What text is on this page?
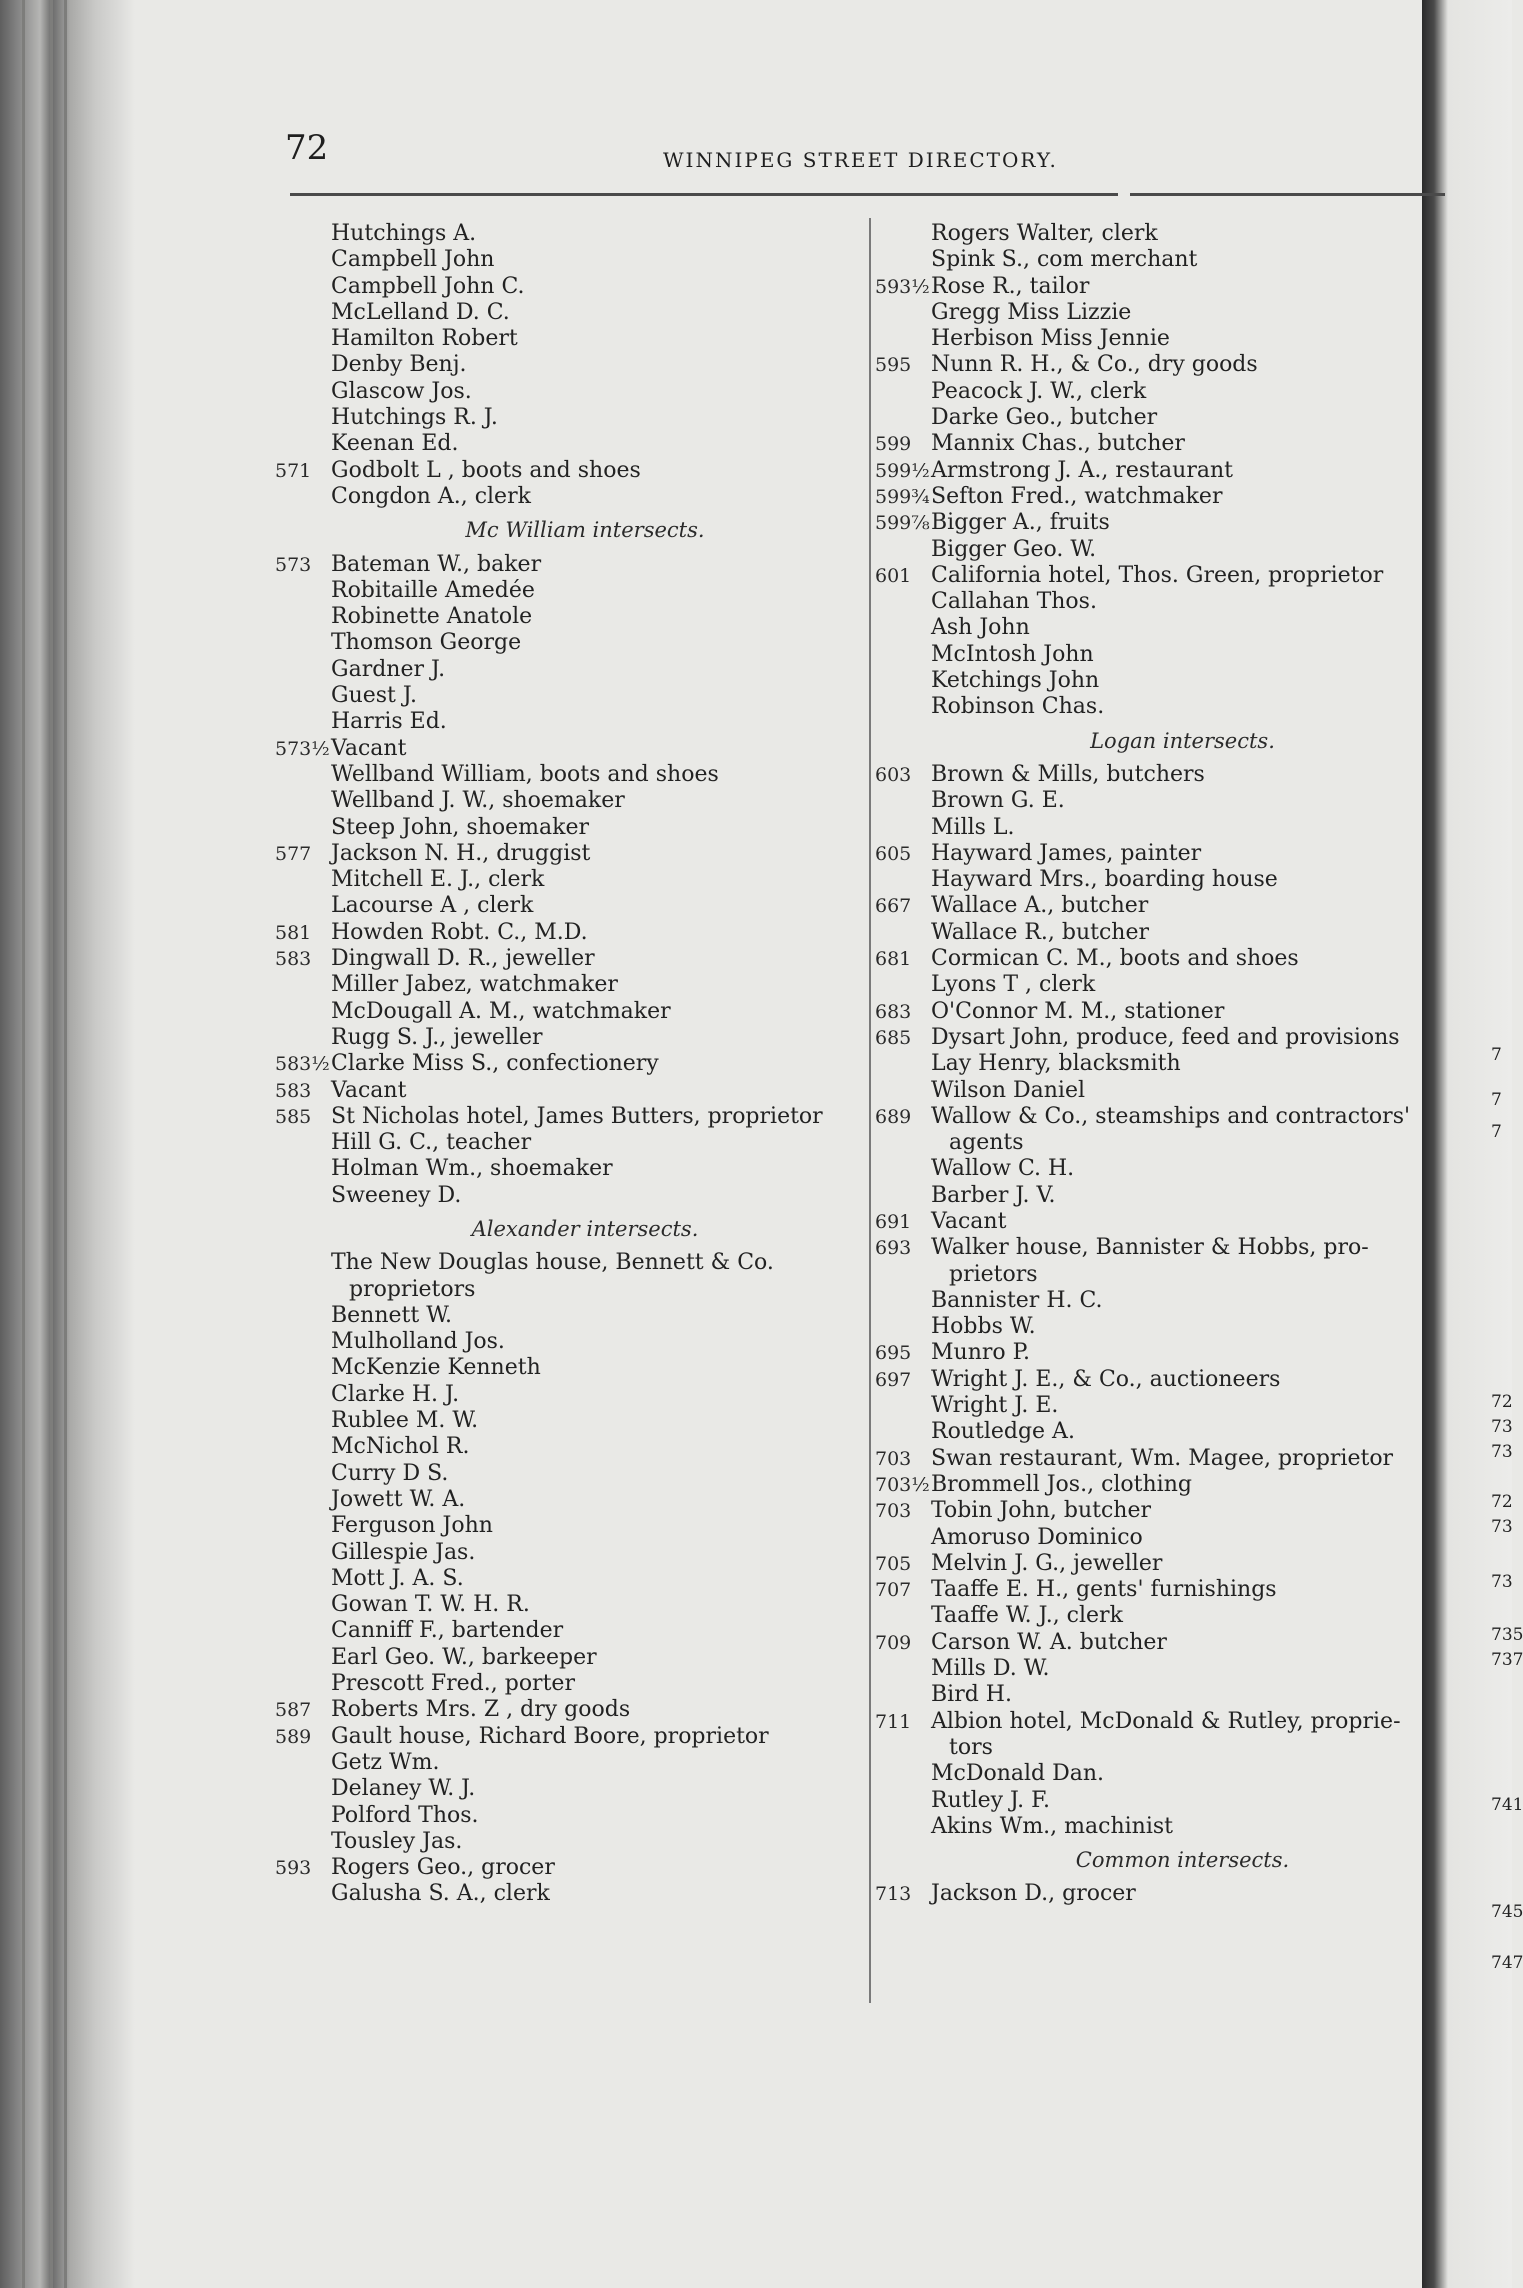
72	WINNIPEG STREET DIRECTORY.
Hutchings A.
Campbell John
Campbell John C.
McLelland D. C.
Hamilton Robert
Denby Benj.
Glascow Jos.
Hutchings R. J.
Keenan Ed.
571 Godbolt L , boots and shoes
Congdon A., clerk
Mc William intersects.
573 Bateman W., baker
Robitaille Amedée
Robinette Anatole
Thomson George
Gardner J.
Guest J.
Harris Ed.
573½ Vacant
Wellband William, boots and shoes
Wellband J. W., shoemaker
Steep John, shoemaker
577 Jackson N. H., druggist
Mitchell E. J., clerk
Lacourse A , clerk
581 Howden Robt. C., M.D.
583 Dingwall D. R., jeweller
Miller Jabez, watchmaker
McDougall A. M., watchmaker
Rugg S. J., jeweller
583½ Clarke Miss S., confectionery
583 Vacant
585 St Nicholas hotel, James Butters, proprietor
Hill G. C., teacher
Holman Wm., shoemaker
Sweeney D.
Alexander intersects.
The New Douglas house, Bennett & Co.
proprietors
Bennett W.
Mulholland Jos.
McKenzie Kenneth
Clarke H. J.
Rublee M. W.
McNichol R.
Curry D S.
Jowett W. A.
Ferguson John
Gillespie Jas.
Mott J. A. S.
Gowan T. W. H. R.
Canniff F., bartender
Earl Geo. W., barkeeper
Prescott Fred., porter
587 Roberts Mrs. Z , dry goods
589 Gault house, Richard Boore, proprietor
Getz Wm.
Delaney W. J.
Polford Thos.
Tousley Jas.
593 Rogers Geo., grocer
Galusha S. A., clerk
Rogers Walter, clerk
Spink S., com merchant
593½ Rose R., tailor
Gregg Miss Lizzie
Herbison Miss Jennie
595 Nunn R. H., & Co., dry goods
Peacock J. W., clerk
Darke Geo., butcher
599 Mannix Chas., butcher
599½ Armstrong J. A., restaurant
599¾ Sefton Fred., watchmaker
599⅞ Bigger A., fruits
Bigger Geo. W.
601 California hotel, Thos. Green, proprietor
Callahan Thos.
Ash John
McIntosh John
Ketchings John
Robinson Chas.
Logan intersects.
603 Brown & Mills, butchers
Brown G. E.
Mills L.
605 Hayward James, painter
Hayward Mrs., boarding house
667 Wallace A., butcher
Wallace R., butcher
681 Cormican C. M., boots and shoes
Lyons T , clerk
683 O'Connor M. M., stationer
685 Dysart John, produce, feed and provisions
Lay Henry, blacksmith
Wilson Daniel
689 Wallow & Co., steamships and contractors'
agents
Wallow C. H.
Barber J. V.
691 Vacant
693 Walker house, Bannister & Hobbs, pro-
prietors
Bannister H. C.
Hobbs W.
695 Munro P.
697 Wright J. E., & Co., auctioneers
Wright J. E.
Routledge A.
703 Swan restaurant, Wm. Magee, proprietor
703½ Brommell Jos., clothing
703 Tobin John, butcher
Amoruso Dominico
705 Melvin J. G., jeweller
707 Taaffe E. H., gents' furnishings
Taaffe W. J., clerk
709 Carson W. A. butcher
Mills D. W.
Bird H.
711 Albion hotel, McDonald & Rutley, proprie-
tors
McDonald Dan.
Rutley J. F.
Akins Wm., machinist
Common intersects.
713 Jackson D., grocer
7
7
7
72
73
73
72
73
73
735
737
741
745
747
